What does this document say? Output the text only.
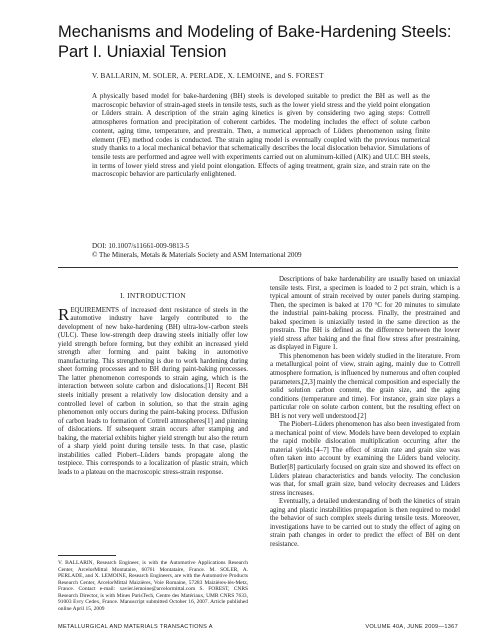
Mechanisms and Modeling of Bake-Hardening Steels: Part I. Uniaxial Tension
V. BALLARIN, M. SOLER, A. PERLADE, X. LEMOINE, and S. FOREST
A physically based model for bake-hardening (BH) steels is developed suitable to predict the BH as well as the macroscopic behavior of strain-aged steels in tensile tests, such as the lower yield stress and the yield point elongation or Lüders strain. A description of the strain aging kinetics is given by considering two aging steps: Cottrell atmospheres formation and precipitation of coherent carbides. The modeling includes the effect of solute carbon content, aging time, temperature, and prestrain. Then, a numerical approach of Lüders phenomenon using finite element (FE) method codes is conducted. The strain aging model is eventually coupled with the previous numerical study thanks to a local mechanical behavior that schematically describes the local dislocation behavior. Simulations of tensile tests are performed and agree well with experiments carried out on aluminum-killed (AlK) and ULC BH steels, in terms of lower yield stress and yield point elongation. Effects of aging treatment, grain size, and strain rate on the macroscopic behavior are particularly enlightened.
DOI: 10.1007/s11661-009-9813-5
© The Minerals, Metals & Materials Society and ASM International 2009
I. INTRODUCTION

REQUIREMENTS of increased dent resistance of steels in the automotive industry have largely contributed to the development of new bake-hardening (BH) ultra-low-carbon steels (ULC). These low-strength deep drawing steels initially offer low yield strength before forming, but they exhibit an increased yield strength after forming and paint baking in automotive manufacturing. This strengthening is due to work hardening during sheet forming processes and to BH during paint-baking processes. The latter phenomenon corresponds to strain aging, which is the interaction between solute carbon and dislocations.[1] Recent BH steels initially present a relatively low dislocation density and a controlled level of carbon in solution, so that the strain aging phenomenon only occurs during the paint-baking process. Diffusion of carbon leads to formation of Cottrell atmospheres[1] and pinning of dislocations. If subsequent strain occurs after stamping and baking, the material exhibits higher yield strength but also the return of a sharp yield point during tensile tests. In that case, plastic instabilities called Piobert–Lüders bands propagate along the testpiece. This corresponds to a localization of plastic strain, which leads to a plateau on the macroscopic stress-strain response.

V. BALLARIN, Research Engineer, is with the Automotive Applications Research Center, ArcelorMittal Montataire, 60761 Montataire, France. M. SOLER, A. PERLADE, and X. LEMOINE, Research Engineers, are with the Automotive Products Research Center, ArcelorMittal Maizières, Voie Romaine, 57283 Maizières-lès-Metz, France. Contact e-mail: xavier.lemoine@arcelormittal.com S. FOREST, CNRS Research Director, is with Mines ParisTech, Centre des Matériaux, UMR CNRS 7633, 91003 Evry Cedex, France. Manuscript submitted October 16, 2007. Article published online April 15, 2009

Descriptions of bake hardenability are usually based on uniaxial tensile tests. First, a specimen is loaded to 2 pct strain, which is a typical amount of strain received by outer panels during stamping. Then, the specimen is baked at 170 °C for 20 minutes to simulate the industrial paint-baking process. Finally, the prestrained and baked specimen is uniaxially tested in the same direction as the prestrain. The BH is defined as the difference between the lower yield stress after baking and the final flow stress after prestraining, as displayed in Figure 1.

This phenomenon has been widely studied in the literature. From a metallurgical point of view, strain aging, mainly due to Cottrell atmosphere formation, is influenced by numerous and often coupled parameters,[2,3] mainly the chemical composition and especially the solid solution carbon content, the grain size, and the aging conditions (temperature and time). For instance, grain size plays a particular role on solute carbon content, but the resulting effect on BH is not very well understood.[2]

The Piobert–Lüders phenomenon has also been investigated from a mechanical point of view. Models have been developed to explain the rapid mobile dislocation multiplication occurring after the material yields.[4–7] The effect of strain rate and grain size was often taken into account by examining the Lüders band velocity. Butler[8] particularly focused on grain size and showed its effect on Lüders plateau characteristics and bands velocity. The conclusion was that, for small grain size, band velocity decreases and Lüders stress increases.

Eventually, a detailed understanding of both the kinetics of strain aging and plastic instabilities propagation is then required to model the behavior of such complex steels during tensile tests. Moreover, investigations have to be carried out to study the effect of aging on strain path changes in order to predict the effect of BH on dent resistance.

METALLURGICAL AND MATERIALS TRANSACTIONS A	VOLUME 40A, JUNE 2009—1367
